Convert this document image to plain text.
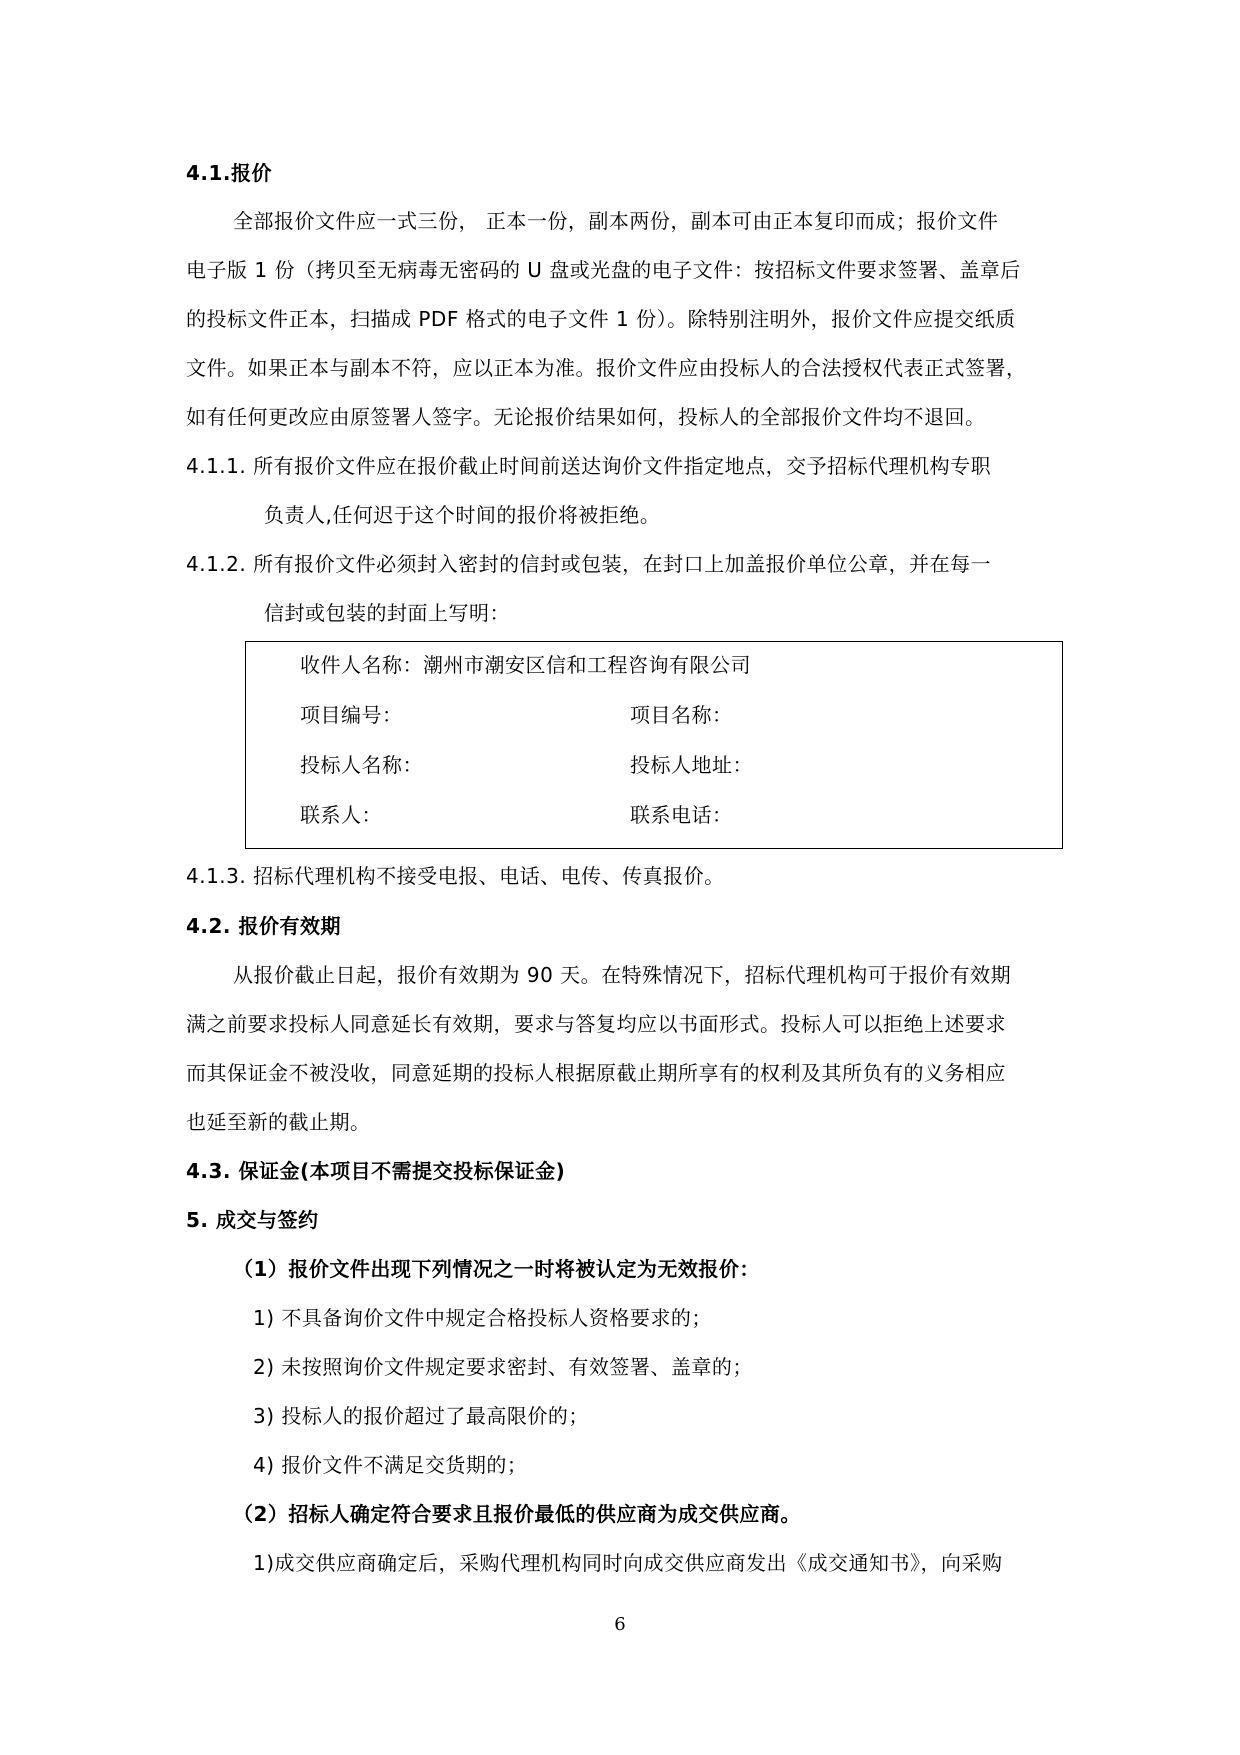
4.1.报价
全部报价文件应一式三份， 正本一份，副本两份，副本可由正本复印而成；报价文件
电子版 1 份（拷贝至无病毒无密码的 U 盘或光盘的电子文件：按招标文件要求签署、盖章后
的投标文件正本，扫描成 PDF 格式的电子文件 1 份）。除特别注明外，报价文件应提交纸质
文件。如果正本与副本不符，应以正本为准。报价文件应由投标人的合法授权代表正式签署，
如有任何更改应由原签署人签字。无论报价结果如何，投标人的全部报价文件均不退回。
4.1.1. 所有报价文件应在报价截止时间前送达询价文件指定地点，交予招标代理机构专职
负责人,任何迟于这个时间的报价将被拒绝。
4.1.2. 所有报价文件必须封入密封的信封或包装，在封口上加盖报价单位公章，并在每一
信封或包装的封面上写明：
收件人名称：潮州市潮安区信和工程咨询有限公司
项目编号：	项目名称：
投标人名称：	投标人地址：
联系人：	联系电话：
4.1.3. 招标代理机构不接受电报、电话、电传、传真报价。
4.2. 报价有效期
从报价截止日起，报价有效期为 90 天。在特殊情况下，招标代理机构可于报价有效期
满之前要求投标人同意延长有效期，要求与答复均应以书面形式。投标人可以拒绝上述要求
而其保证金不被没收，同意延期的投标人根据原截止期所享有的权利及其所负有的义务相应
也延至新的截止期。
4.3. 保证金(本项目不需提交投标保证金)
5. 成交与签约
（1）报价文件出现下列情况之一时将被认定为无效报价：
1) 不具备询价文件中规定合格投标人资格要求的；
2) 未按照询价文件规定要求密封、有效签署、盖章的；
3) 投标人的报价超过了最高限价的；
4) 报价文件不满足交货期的；
（2）招标人确定符合要求且报价最低的供应商为成交供应商。
1)成交供应商确定后，采购代理机构同时向成交供应商发出《成交通知书》，向采购
6
